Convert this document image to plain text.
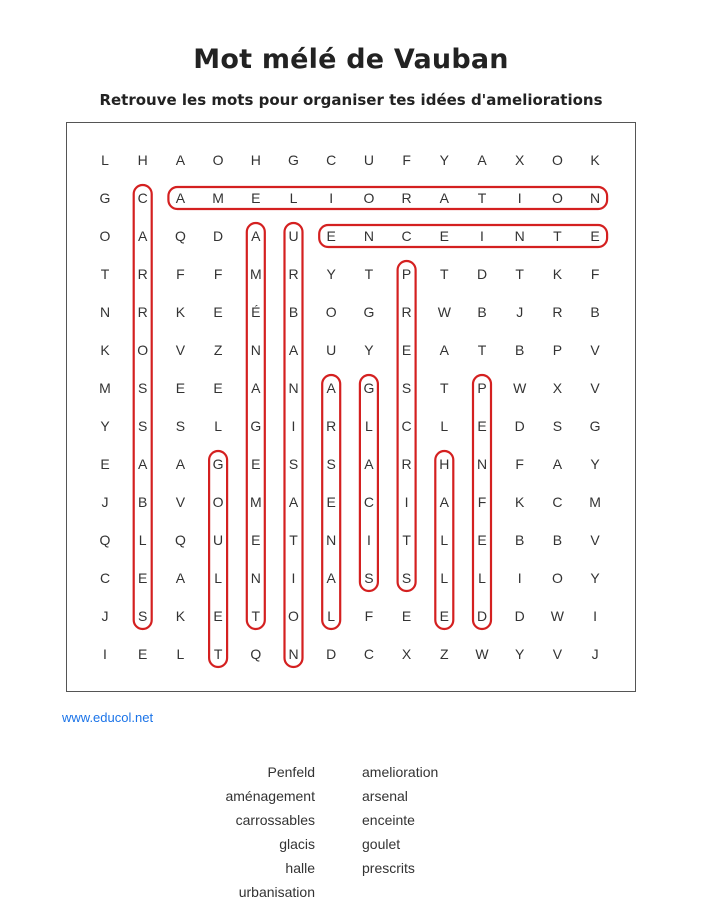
Mot mélé de Vauban
Retrouve les mots pour organiser tes idées d'ameliorations
L H A O H G C U F Y A X O K
G C A M E L I O R A T I O N
O A Q D A U E N C E I N T E
T R F F M R Y T P T D T K F
N R K E É B O G R W B J R B
K O V Z N A U Y E A T B P V
M S E E A N A G S T P W X V
Y S S L G I R L C L E D S G
E A A G E S S A R H N F A Y
J B V O M A E C I A F K C M
Q L Q U E T N I T L E B B V
C E A L N I A S S L L I O Y
J S K E T O L F E E D D W I
I E L T Q N D C X Z W Y V J
www.educol.net
Penfeld
aménagement
carrossables
glacis
halle
urbanisation
amelioration
arsenal
enceinte
goulet
prescrits
